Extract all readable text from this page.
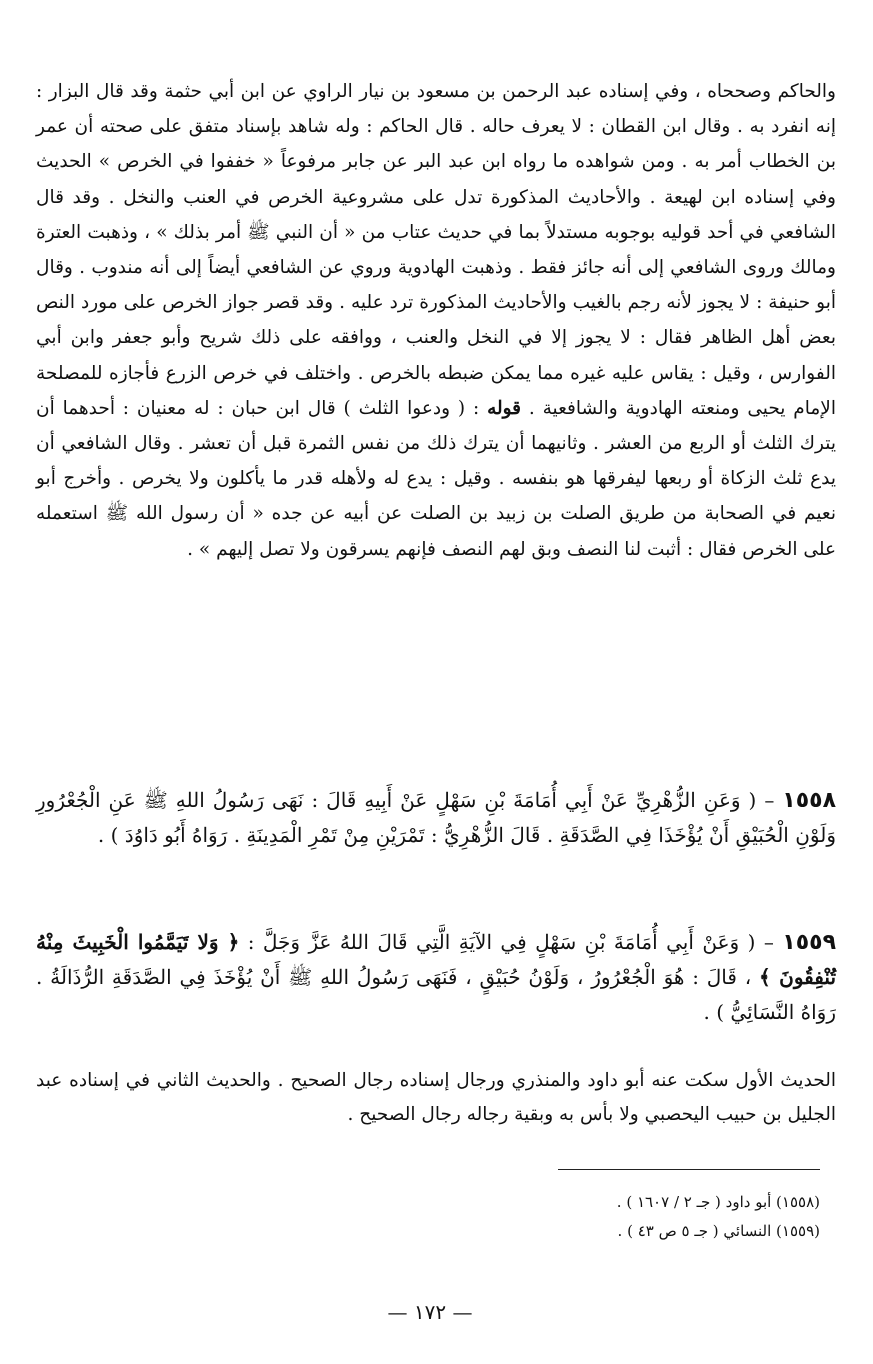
والحاكم وصححاه ، وفي إسناده عبد الرحمن بن مسعود بن نيار الراوي عن ابن أبي حثمة وقد قال البزار : إنه انفرد به . وقال ابن القطان : لا يعرف حاله . قال الحاكم : وله شاهد بإسناد متفق على صحته أن عمر بن الخطاب أمر به . ومن شواهده ما رواه ابن عبد البر عن جابر مرفوعاً « خففوا في الخرص » الحديث وفي إسناده ابن لهيعة . والأحاديث المذكورة تدل على مشروعية الخرص في العنب والنخل . وقد قال الشافعي في أحد قوليه بوجوبه مستدلاً بما في حديث عتاب من « أن النبي ﷺ أمر بذلك » ، وذهبت العترة ومالك وروى الشافعي إلى أنه جائز فقط . وذهبت الهادوية وروي عن الشافعي أيضاً إلى أنه مندوب . وقال أبو حنيفة : لا يجوز لأنه رجم بالغيب والأحاديث المذكورة ترد عليه . وقد قصر جواز الخرص على مورد النص بعض أهل الظاهر فقال : لا يجوز إلا في النخل والعنب ، ووافقه على ذلك شريح وأبو جعفر وابن أبي الفوارس ، وقيل : يقاس عليه غيره مما يمكن ضبطه بالخرص . واختلف في خرص الزرع فأجازه للمصلحة الإمام يحيى ومنعته الهادوية والشافعية . قوله : ( ودعوا الثلث ) قال ابن حبان : له معنيان : أحدهما أن يترك الثلث أو الربع من العشر . وثانيهما أن يترك ذلك من نفس الثمرة قبل أن تعشر . وقال الشافعي أن يدع ثلث الزكاة أو ربعها ليفرقها هو بنفسه . وقيل : يدع له ولأهله قدر ما يأكلون ولا يخرص . وأخرج أبو نعيم في الصحابة من طريق الصلت بن زبيد بن الصلت عن أبيه عن جده « أن رسول الله ﷺ استعمله على الخرص فقال : أثبت لنا النصف وبق لهم النصف فإنهم يسرقون ولا تصل إليهم » .

١٥٥٨ – ( وَعَنِ الزُّهْرِيِّ عَنْ أَبِي أُمَامَةَ بْنِ سَهْلٍ عَنْ أَبِيهِ قَالَ : نَهَى رَسُولُ اللهِ ﷺ عَنِ الْجُعْرُورِ وَلَوْنِ الْحُبَيْقِ أَنْ يُؤْخَذَا فِي الصَّدَقَةِ . قَالَ الزُّهْرِيُّ : تَمْرَيْنِ مِنْ تَمْرِ الْمَدِينَةِ . رَوَاهُ أَبُو دَاوُدَ ) .

١٥٥٩ – ( وَعَنْ أَبِي أُمَامَةَ بْنِ سَهْلٍ فِي الآيَةِ الَّتِي قَالَ اللهُ عَزَّ وَجَلَّ : ﴿ وَلا تَيَمَّمُوا الْخَبِيثَ مِنْهُ تُنْفِقُونَ ﴾ ، قَالَ : هُوَ الْجُعْرُورُ ، وَلَوْنُ حُبَيْقٍ ، فَنَهَى رَسُولُ اللهِ ﷺ أَنْ يُؤْخَذَ فِي الصَّدَقَةِ الرُّذَالَةُ . رَوَاهُ النَّسَائِيُّ ) .

الحديث الأول سكت عنه أبو داود والمنذري ورجال إسناده رجال الصحيح . والحديث الثاني في إسناده عبد الجليل بن حبيب اليحصبي ولا بأس به وبقية رجاله رجال الصحيح .

(١٥٥٨) أبو داود ( جـ ٢ / ١٦٠٧ ) .

(١٥٥٩) النسائي ( جـ ٥ ص ٤٣ ) .

— ١٧٢ —
